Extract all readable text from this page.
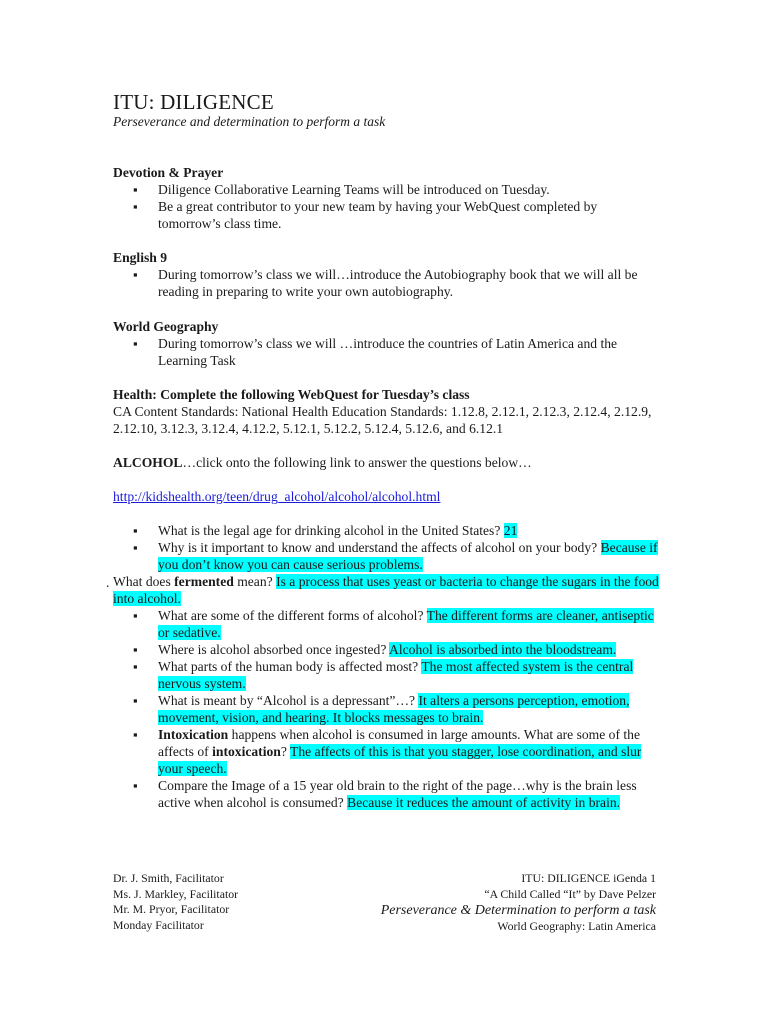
ITU: DILIGENCE
Perseverance and determination to perform a task
Devotion & Prayer
▪ Diligence Collaborative Learning Teams will be introduced on Tuesday.
▪ Be a great contributor to your new team by having your WebQuest completed by tomorrow’s class time.
English 9
▪ During tomorrow’s class we will…introduce the Autobiography book that we will all be reading in preparing to write your own autobiography.
World Geography
▪ During tomorrow’s class we will …introduce the countries of Latin America and the Learning Task
Health: Complete the following WebQuest for Tuesday’s class
CA Content Standards: National Health Education Standards: 1.12.8, 2.12.1, 2.12.3, 2.12.4, 2.12.9, 2.12.10, 3.12.3, 3.12.4, 4.12.2, 5.12.1, 5.12.2, 5.12.4, 5.12.6, and 6.12.1
ALCOHOL…click onto the following link to answer the questions below…
http://kidshealth.org/teen/drug_alcohol/alcohol/alcohol.html
▪ What is the legal age for drinking alcohol in the United States? 21
▪ Why is it important to know and understand the affects of alcohol on your body? Because if you don’t know you can cause serious problems.
. What does fermented mean? Is a process that uses yeast or bacteria to change the sugars in the food into alcohol.
▪ What are some of the different forms of alcohol? The different forms are cleaner, antiseptic or sedative.
▪ Where is alcohol absorbed once ingested? Alcohol is absorbed into the bloodstream.
▪ What parts of the human body is affected most? The most affected system is the central nervous system.
▪ What is meant by “Alcohol is a depressant”…? It alters a persons perception, emotion, movement, vision, and hearing. It blocks messages to brain.
▪ Intoxication happens when alcohol is consumed in large amounts. What are some of the affects of intoxication? The affects of this is that you stagger, lose coordination, and slur your speech.
▪ Compare the Image of a 15 year old brain to the right of the page…why is the brain less active when alcohol is consumed? Because it reduces the amount of activity in brain.
Dr. J. Smith, Facilitator
Ms. J. Markley, Facilitator
Mr. M. Pryor, Facilitator
Monday Facilitator
ITU: DILIGENCE iGenda 1
“A Child Called “It” by Dave Pelzer
Perseverance & Determination to perform a task
World Geography: Latin America
